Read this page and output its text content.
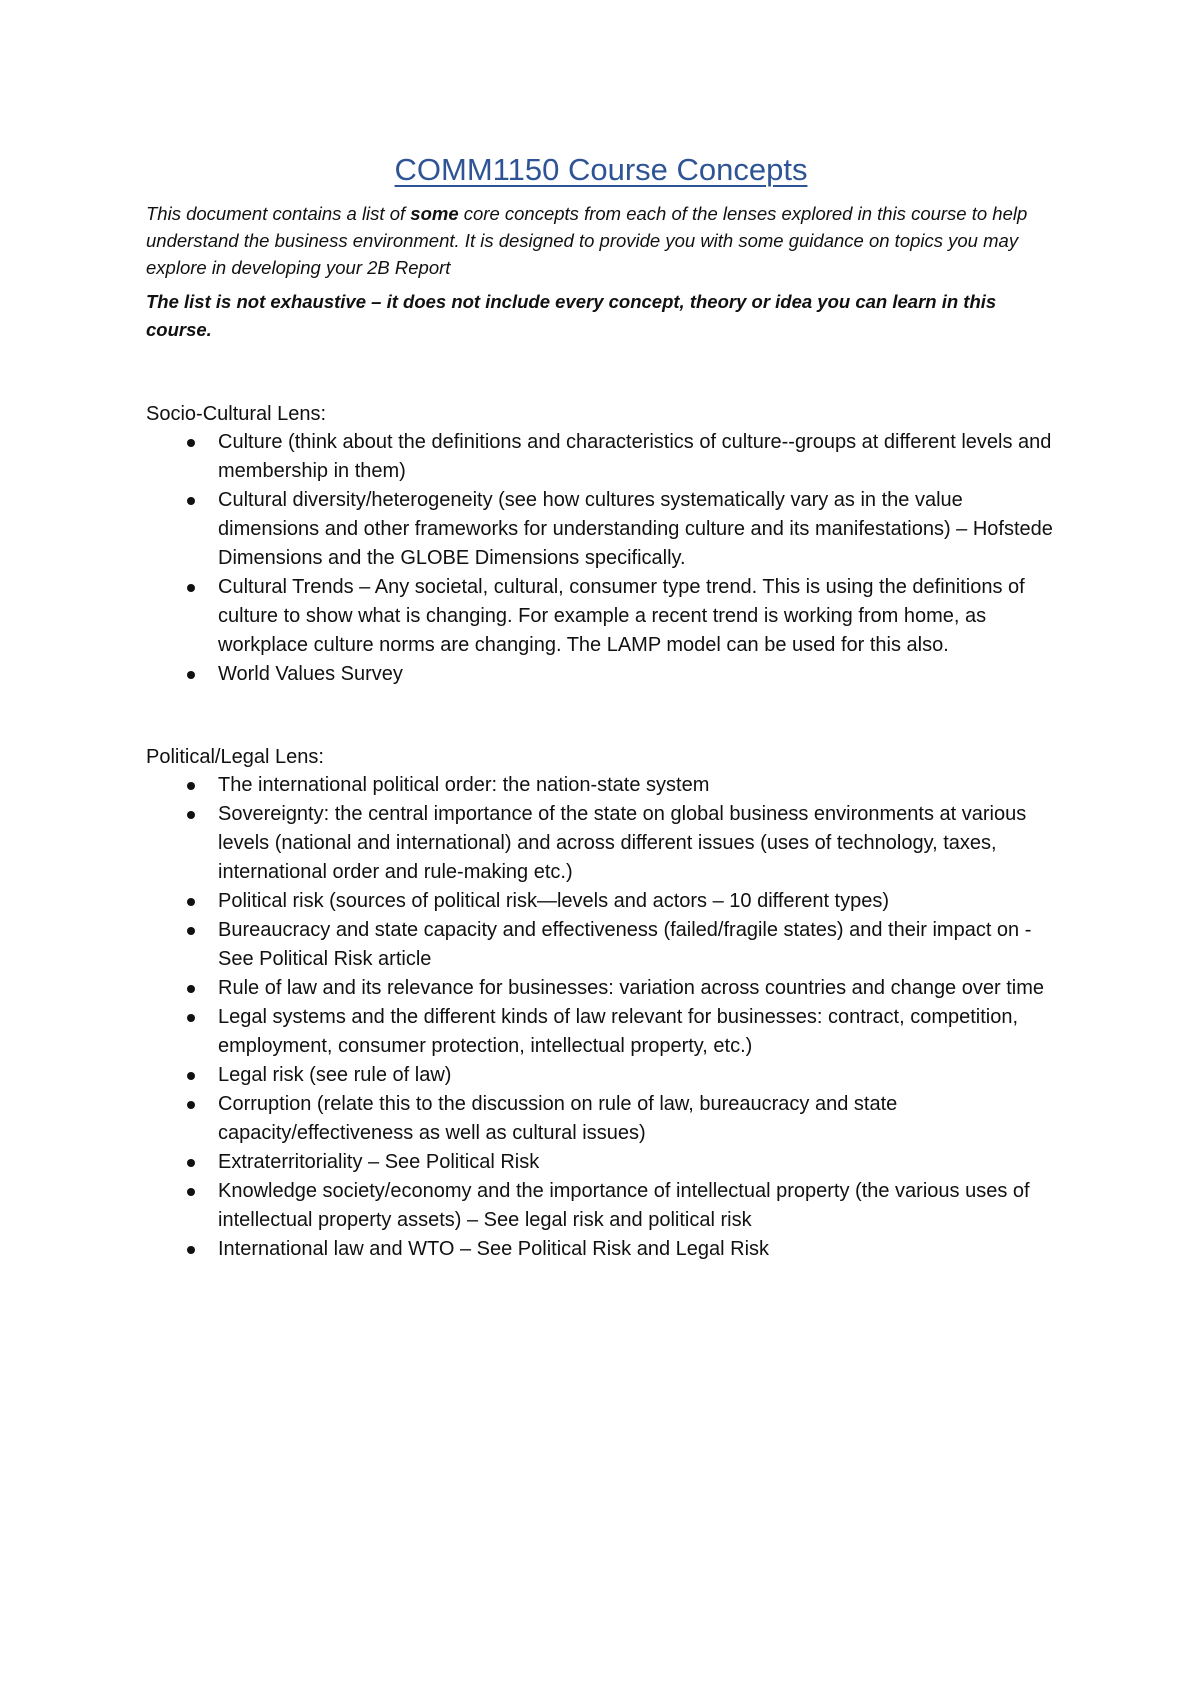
COMM1150 Course Concepts

This document contains a list of some core concepts from each of the lenses explored in this course to help understand the business environment. It is designed to provide you with some guidance on topics you may explore in developing your 2B Report

The list is not exhaustive – it does not include every concept, theory or idea you can learn in this course.

Socio-Cultural Lens:
Culture (think about the definitions and characteristics of culture--groups at different levels and membership in them)
Cultural diversity/heterogeneity (see how cultures systematically vary as in the value dimensions and other frameworks for understanding culture and its manifestations) – Hofstede Dimensions and the GLOBE Dimensions specifically.
Cultural Trends – Any societal, cultural, consumer type trend. This is using the definitions of culture to show what is changing. For example a recent trend is working from home, as workplace culture norms are changing. The LAMP model can be used for this also.
World Values Survey
Political/Legal Lens:
The international political order: the nation-state system
Sovereignty: the central importance of the state on global business environments at various levels (national and international) and across different issues (uses of technology, taxes, international order and rule-making etc.)
Political risk (sources of political risk—levels and actors – 10 different types)
Bureaucracy and state capacity and effectiveness (failed/fragile states) and their impact on - See Political Risk article
Rule of law and its relevance for businesses: variation across countries and change over time
Legal systems and the different kinds of law relevant for businesses: contract, competition, employment, consumer protection, intellectual property, etc.)
Legal risk (see rule of law)
Corruption (relate this to the discussion on rule of law, bureaucracy and state capacity/effectiveness as well as cultural issues)
Extraterritoriality – See Political Risk
Knowledge society/economy and the importance of intellectual property (the various uses of intellectual property assets) – See legal risk and political risk
International law and WTO – See Political Risk and Legal Risk
